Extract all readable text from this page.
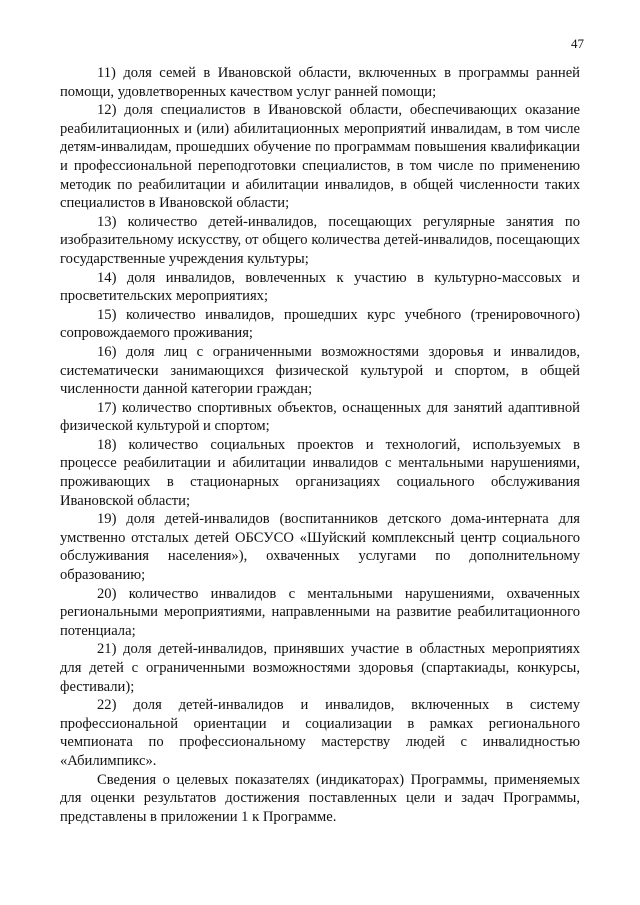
47

11) доля семей в Ивановской области, включенных в программы ранней помощи, удовлетворенных качеством услуг ранней помощи;

12) доля специалистов в Ивановской области, обеспечивающих оказание реабилитационных и (или) абилитационных мероприятий инвалидам, в том числе детям-инвалидам, прошедших обучение по программам повышения квалификации и профессиональной переподготовки специалистов, в том числе по применению методик по реабилитации и абилитации инвалидов, в общей численности таких специалистов в Ивановской области;

13) количество детей-инвалидов, посещающих регулярные занятия по изобразительному искусству, от общего количества детей-инвалидов, посещающих государственные учреждения культуры;

14) доля инвалидов, вовлеченных к участию в культурно-массовых и просветительских мероприятиях;

15) количество инвалидов, прошедших курс учебного (тренировочного) сопровождаемого проживания;

16) доля лиц с ограниченными возможностями здоровья и инвалидов, систематически занимающихся физической культурой и спортом, в общей численности данной категории граждан;

17) количество спортивных объектов, оснащенных для занятий адаптивной физической культурой и спортом;

18) количество социальных проектов и технологий, используемых в процессе реабилитации и абилитации инвалидов с ментальными нарушениями, проживающих в стационарных организациях социального обслуживания Ивановской области;

19) доля детей-инвалидов (воспитанников детского дома-интерната для умственно отсталых детей ОБСУСО «Шуйский комплексный центр социального обслуживания населения»), охваченных услугами по дополнительному образованию;

20) количество инвалидов с ментальными нарушениями, охваченных региональными мероприятиями, направленными на развитие реабилитационного потенциала;

21) доля детей-инвалидов, принявших участие в областных мероприятиях для детей с ограниченными возможностями здоровья (спартакиады, конкурсы, фестивали);

22) доля детей-инвалидов и инвалидов, включенных в систему профессиональной ориентации и социализации в рамках регионального чемпионата по профессиональному мастерству людей с инвалидностью «Абилимпикс».

Сведения о целевых показателях (индикаторах) Программы, применяемых для оценки результатов достижения поставленных цели и задач Программы, представлены в приложении 1 к Программе.
